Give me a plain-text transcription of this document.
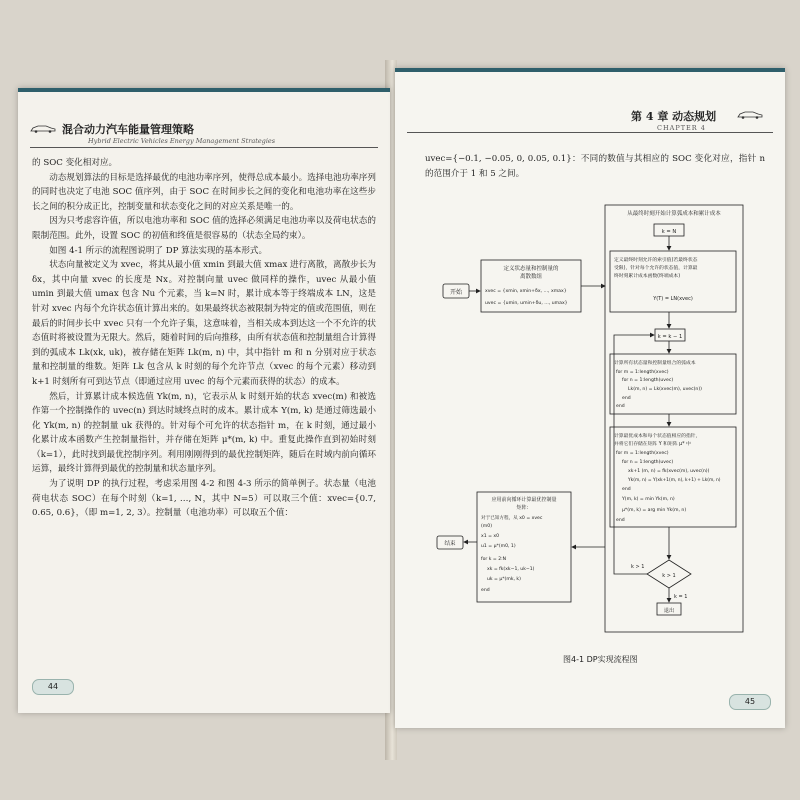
混合动力汽车能量管理策略
Hybrid Electric Vehicles Energy Management Strategies

的 SOC 变化相对应。

动态规划算法的目标是选择最优的电池功率序列，使得总成本最小。选择电池功率序列的同时也决定了电池 SOC 值序列，由于 SOC 在时间步长之间的变化和电池功率在这些步长之间的积分成正比，控制变量和状态变化之间的对应关系是唯一的。

因为只考虑容许值，所以电池功率和 SOC 值的选择必须满足电池功率以及荷电状态的限制范围。此外，设置 SOC 的初值和终值是很容易的（状态全局约束）。

如图 4-1 所示的流程图说明了 DP 算法实现的基本形式。

状态向量被定义为 xvec，将其从最小值 xmin 到最大值 xmax 进行离散，离散步长为 δx，其中向量 xvec 的长度是 Nx。对控制向量 uvec 做同样的操作，uvec 从最小值 umin 到最大值 umax 包含 Nu 个元素，当 k=N 时，累计成本等于终端成本 LN，这是针对 xvec 内每个允许状态值计算出来的。如果最终状态被限制为特定的值或范围值，则在最后的时间步长中 xvec 只有一个允许子集，这意味着，当相关成本到达这一个不允许的状态值时将被设置为无限大。然后，随着时间的后向推移，由所有状态值和控制量组合计算得到的弧成本 Lk(xk, uk)，被存储在矩阵 Lk(m, n) 中，其中指针 m 和 n 分别对应于状态量和控制量的维数。矩阵 Lk 包含从 k 时刻的每个允许节点（xvec 的每个元素）移动到 k+1 时刻所有可到达节点（即通过应用 uvec 的每个元素而获得的状态）的成本。

然后，计算累计成本候选值 Yk(m, n)，它表示从 k 时刻开始的状态 xvec(m) 和被选作第一个控制操作的 uvec(n) 到达时域终点时的成本。累计成本 Y(m, k) 是通过筛选最小化 Yk(m, n) 的控制量 uk 获得的。针对每个可允许的状态指针 m，在 k 时刻，通过最小化累计成本函数产生控制量指针，并存储在矩阵 μ*(m, k) 中。重复此操作直到初始时刻（k=1），此时找到最优控制序列。利用刚刚得到的最优控制矩阵，随后在时域内前向循环运算，最终计算得到最优的控制量和状态量序列。

为了说明 DP 的执行过程，考虑采用图 4-2 和图 4-3 所示的简单例子。状态量（电池荷电状态 SOC）在每个时刻（k=1, …, N，其中 N=5）可以取三个值：xvec={0.7, 0.65, 0.6}，（即 m=1, 2, 3）。控制量（电池功率）可以取五个值：

44
第 4 章 动态规划
CHAPTER 4

uvec={−0.1, −0.05, 0, 0.05, 0.1}：不同的数值与其相应的 SOC 变化对应，指针 n 的范围介于 1 和 5 之间。

开始
定义状态量和控制量的
离散数组
xvec = {xmin, xmin+δx, …, xmax}
uvec = {umin, umin+δu, …, umax}
从最终时刻开始计算弧成本和累计成本
k = N
定义最终时刻允许的索引值(若最终状态
受限)，针对每个允许的状态值，计算最
终时刻累计成本函数(终端成本)
Y(T) = LN(xvec)
k = k − 1
计算所有状态量和控制量组合的弧成本
for m = 1:length(xvec)
for n = 1:length(uvec)
Lk(m, n) = Lk(xvec(m), uvec(n))
end
end
计算最优成本和每个状态值相应的指针，
并将它们存储在矩阵 Y 和矩阵 μ* 中
for m = 1:length(xvec)
for n = 1:length(uvec)
xk+1 (m, n) = fk(xvec(m), uvec(n))
Yk(m, n) = Y(xk+1(m, n), k+1) + Lk(m, n)
end
Y(m, k) = min Yk(m, n)
μ*(m, k) = arg min Yk(m, n)
end
k > 1
k > 1
k = 1
退出
应用前向循环计算最优控制量
矩阵：
对于已知方程，从 x0 = xvec
(m0)
x1 = x0
u1 = μ*(m0, 1)
for k = 2:N
xk = fk(xk−1, uk−1)
uk = μ*(mk, k)
end
结束
图4-1 DP实现流程图
45
